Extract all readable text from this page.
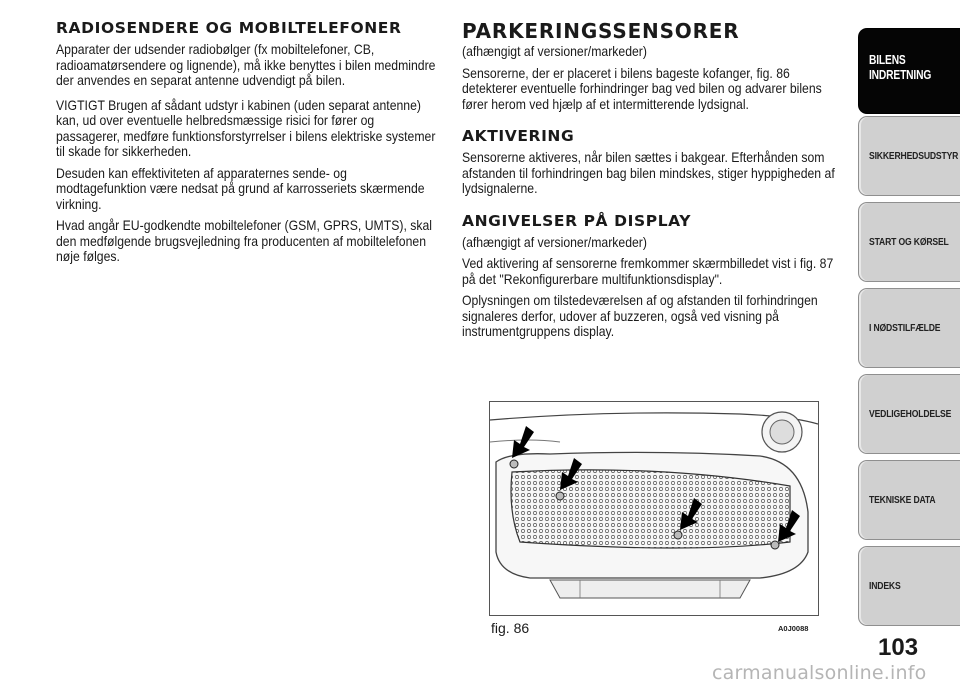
RADIOSENDERE OG MOBILTELEFONER

Apparater der udsender radiobølger (fx mobiltelefoner, CB, radioamatørsendere og lignende), må ikke benyttes i bilen medmindre der anvendes en separat antenne udvendigt på bilen.

VIGTIGT Brugen af sådant udstyr i kabinen (uden separat antenne) kan, ud over eventuelle helbredsmæssige risici for fører og passagerer, medføre funktionsforstyrrelser i bilens elektriske systemer til skade for sikkerheden.

Desuden kan effektiviteten af apparaternes sende- og modtagefunktion være nedsat på grund af karrosseriets skærmende virkning.

Hvad angår EU-godkendte mobiltelefoner (GSM, GPRS, UMTS), skal den medfølgende brugsvejledning fra producenten af mobiltelefonen nøje følges.

PARKERINGSSENSORER

(afhængigt af versioner/markeder)

Sensorerne, der er placeret i bilens bageste kofanger, fig. 86 detekterer eventuelle forhindringer bag ved bilen og advarer bilens fører herom ved hjælp af et intermitterende lydsignal.

AKTIVERING

Sensorerne aktiveres, når bilen sættes i bakgear. Efterhånden som afstanden til forhindringen bag bilen mindskes, stiger hyppigheden af lydsignalerne.

ANGIVELSER PÅ DISPLAY

(afhængigt af versioner/markeder)

Ved aktivering af sensorerne fremkommer skærmbilledet vist i fig. 87 på det "Rekonfigurerbare multifunktionsdisplay".

Oplysningen om tilstedeværelsen af og afstanden til forhindringen signaleres derfor, udover af buzzeren, også ved visning på instrumentgruppens display.

fig. 86	A0J0088
BILENS INDRETNING
SIKKERHEDSUDSTYR
START OG KØRSEL
I NØDSTILFÆLDE
VEDLIGEHOLDELSE
TEKNISKE DATA
INDEKS
103
carmanualsonline.info
